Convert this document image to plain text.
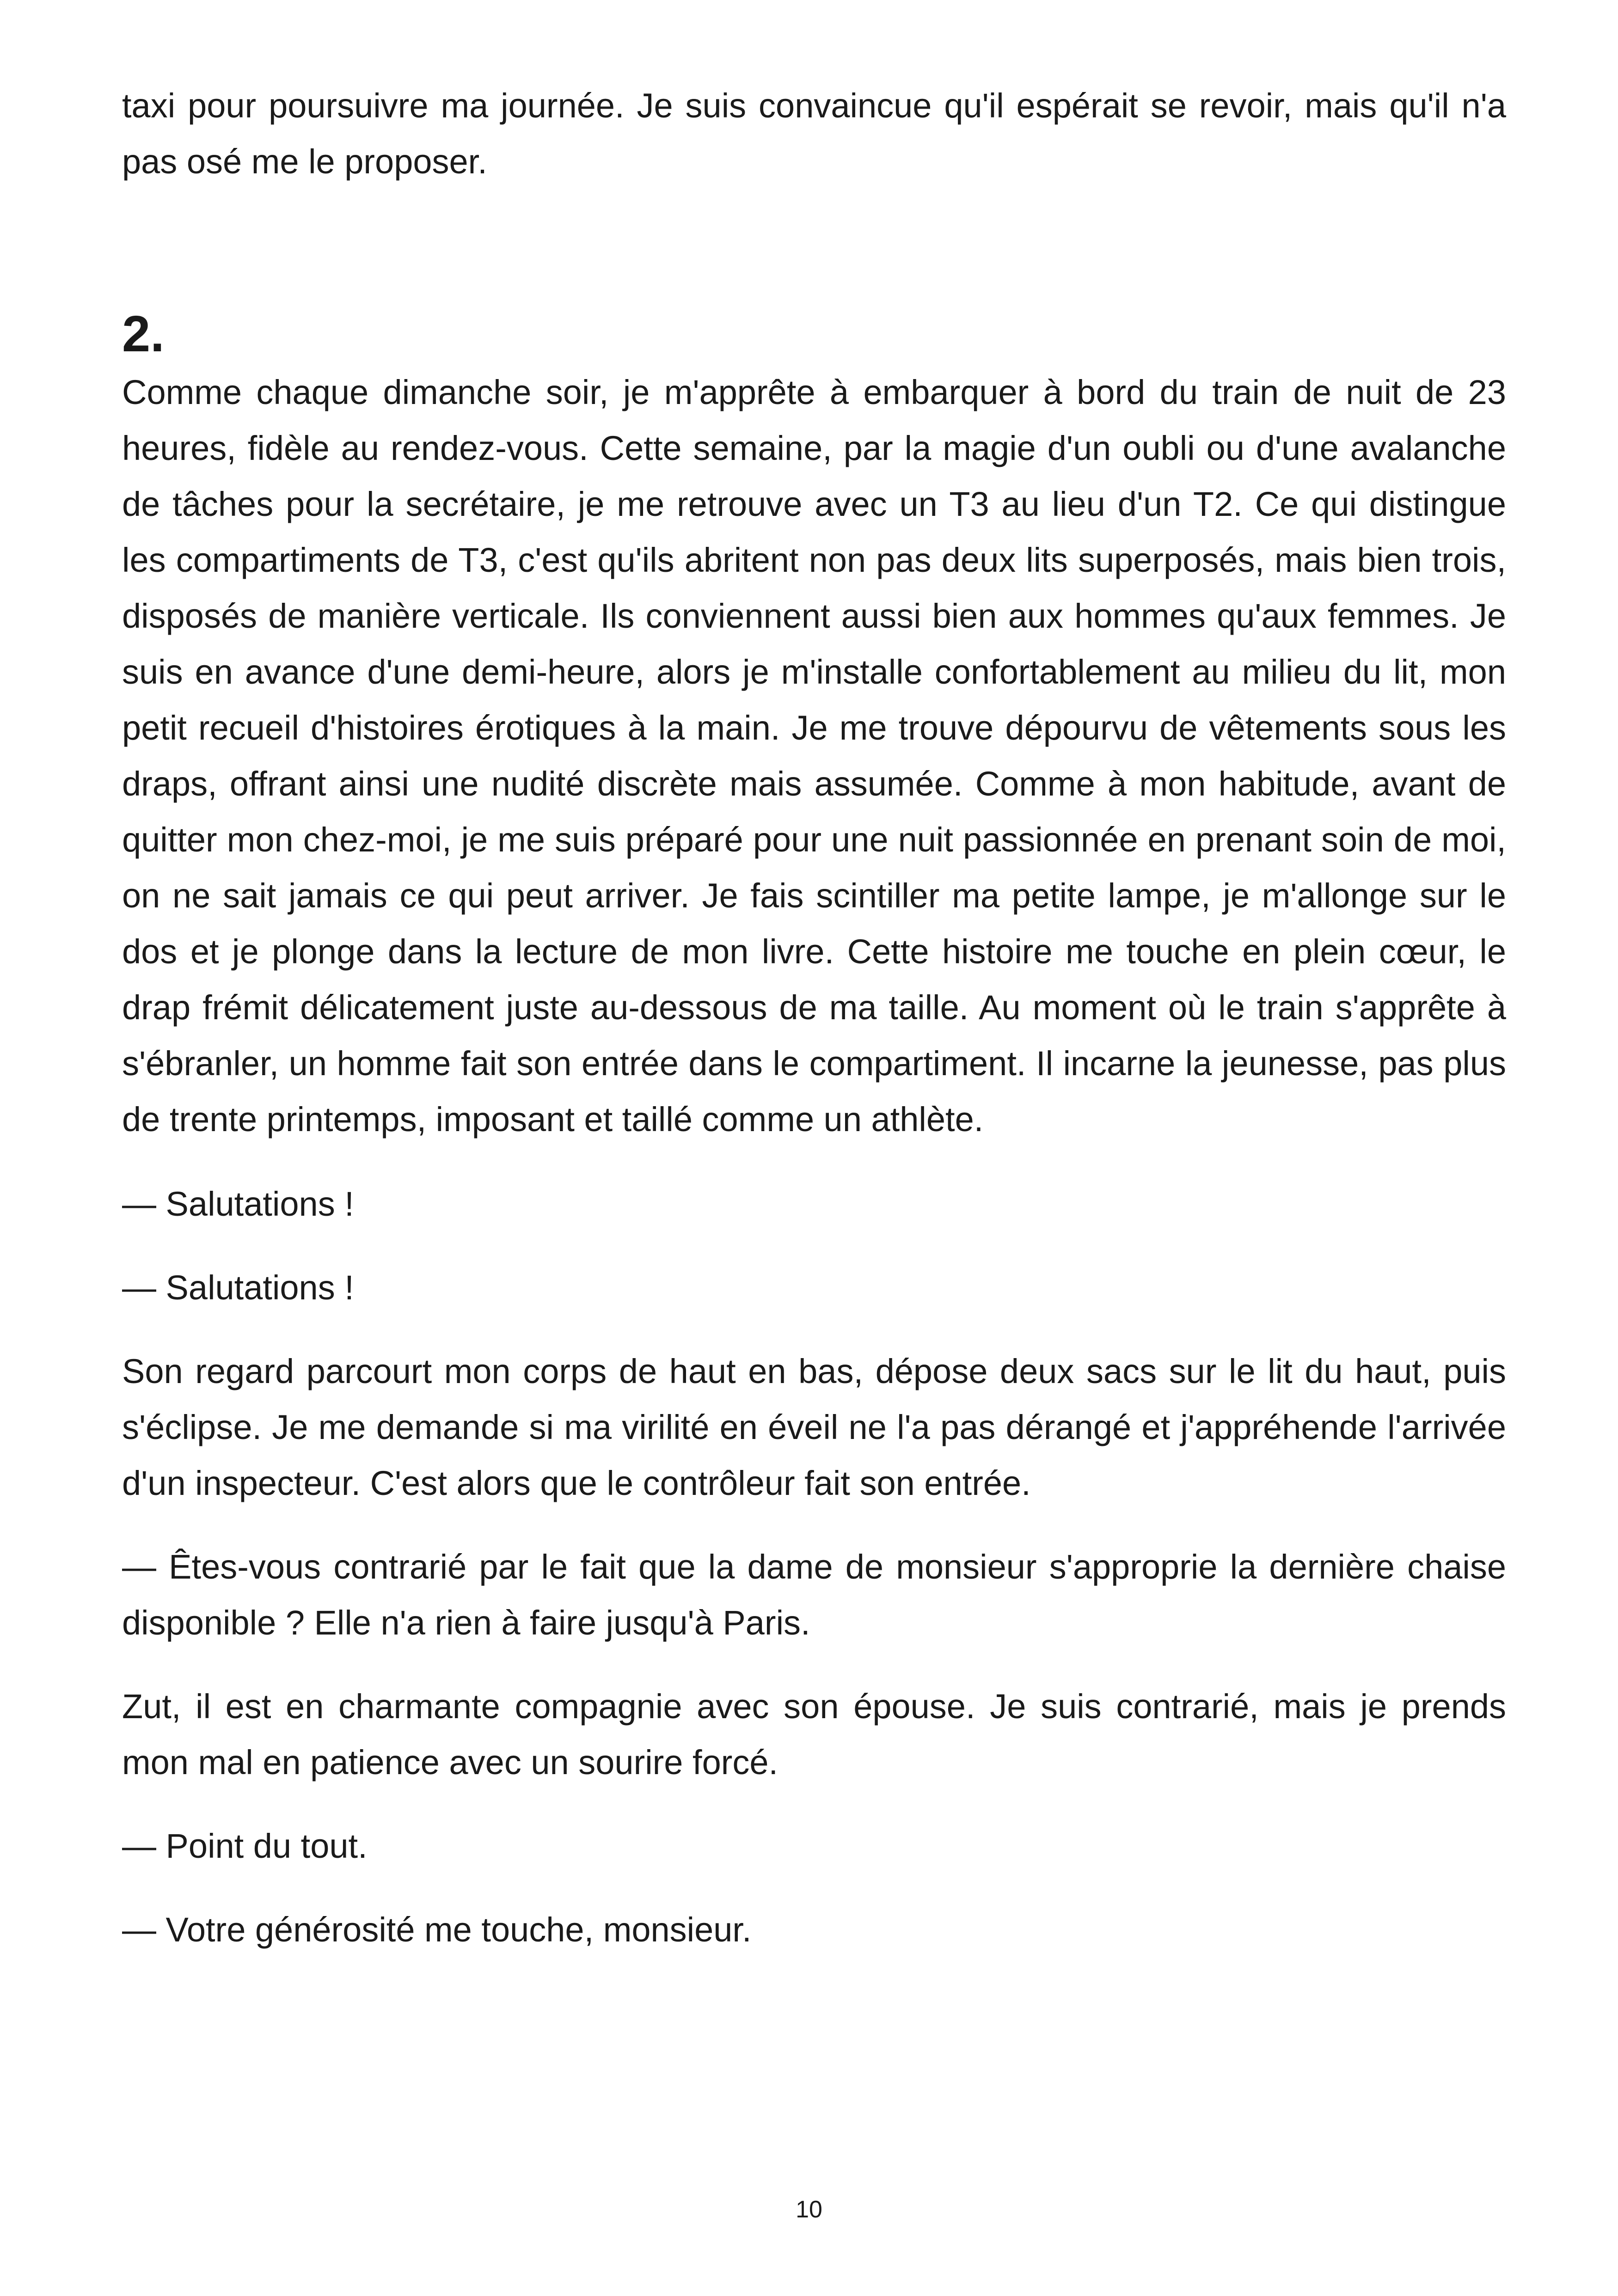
taxi pour poursuivre ma journée. Je suis convaincue qu'il espérait se revoir, mais qu'il n'a pas osé me le proposer.

2.

Comme chaque dimanche soir, je m'apprête à embarquer à bord du train de nuit de 23 heures, fidèle au rendez-vous. Cette semaine, par la magie d'un oubli ou d'une avalanche de tâches pour la secrétaire, je me retrouve avec un T3 au lieu d'un T2. Ce qui distingue les compartiments de T3, c'est qu'ils abritent non pas deux lits superposés, mais bien trois, disposés de manière verticale. Ils conviennent aussi bien aux hommes qu'aux femmes. Je suis en avance d'une demi-heure, alors je m'installe confortablement au milieu du lit, mon petit recueil d'histoires érotiques à la main. Je me trouve dépourvu de vêtements sous les draps, offrant ainsi une nudité discrète mais assumée. Comme à mon habitude, avant de quitter mon chez-moi, je me suis préparé pour une nuit passionnée en prenant soin de moi, on ne sait jamais ce qui peut arriver. Je fais scintiller ma petite lampe, je m'allonge sur le dos et je plonge dans la lecture de mon livre. Cette histoire me touche en plein cœur, le drap frémit délicatement juste au-dessous de ma taille. Au moment où le train s'apprête à s'ébranler, un homme fait son entrée dans le compartiment. Il incarne la jeunesse, pas plus de trente printemps, imposant et taillé comme un athlète.

— Salutations !

— Salutations !

Son regard parcourt mon corps de haut en bas, dépose deux sacs sur le lit du haut, puis s'éclipse. Je me demande si ma virilité en éveil ne l'a pas dérangé et j'appréhende l'arrivée d'un inspecteur. C'est alors que le contrôleur fait son entrée.

— Êtes-vous contrarié par le fait que la dame de monsieur s'approprie la dernière chaise disponible ? Elle n'a rien à faire jusqu'à Paris.

Zut, il est en charmante compagnie avec son épouse. Je suis contrarié, mais je prends mon mal en patience avec un sourire forcé.

— Point du tout.

— Votre générosité me touche, monsieur.

10
